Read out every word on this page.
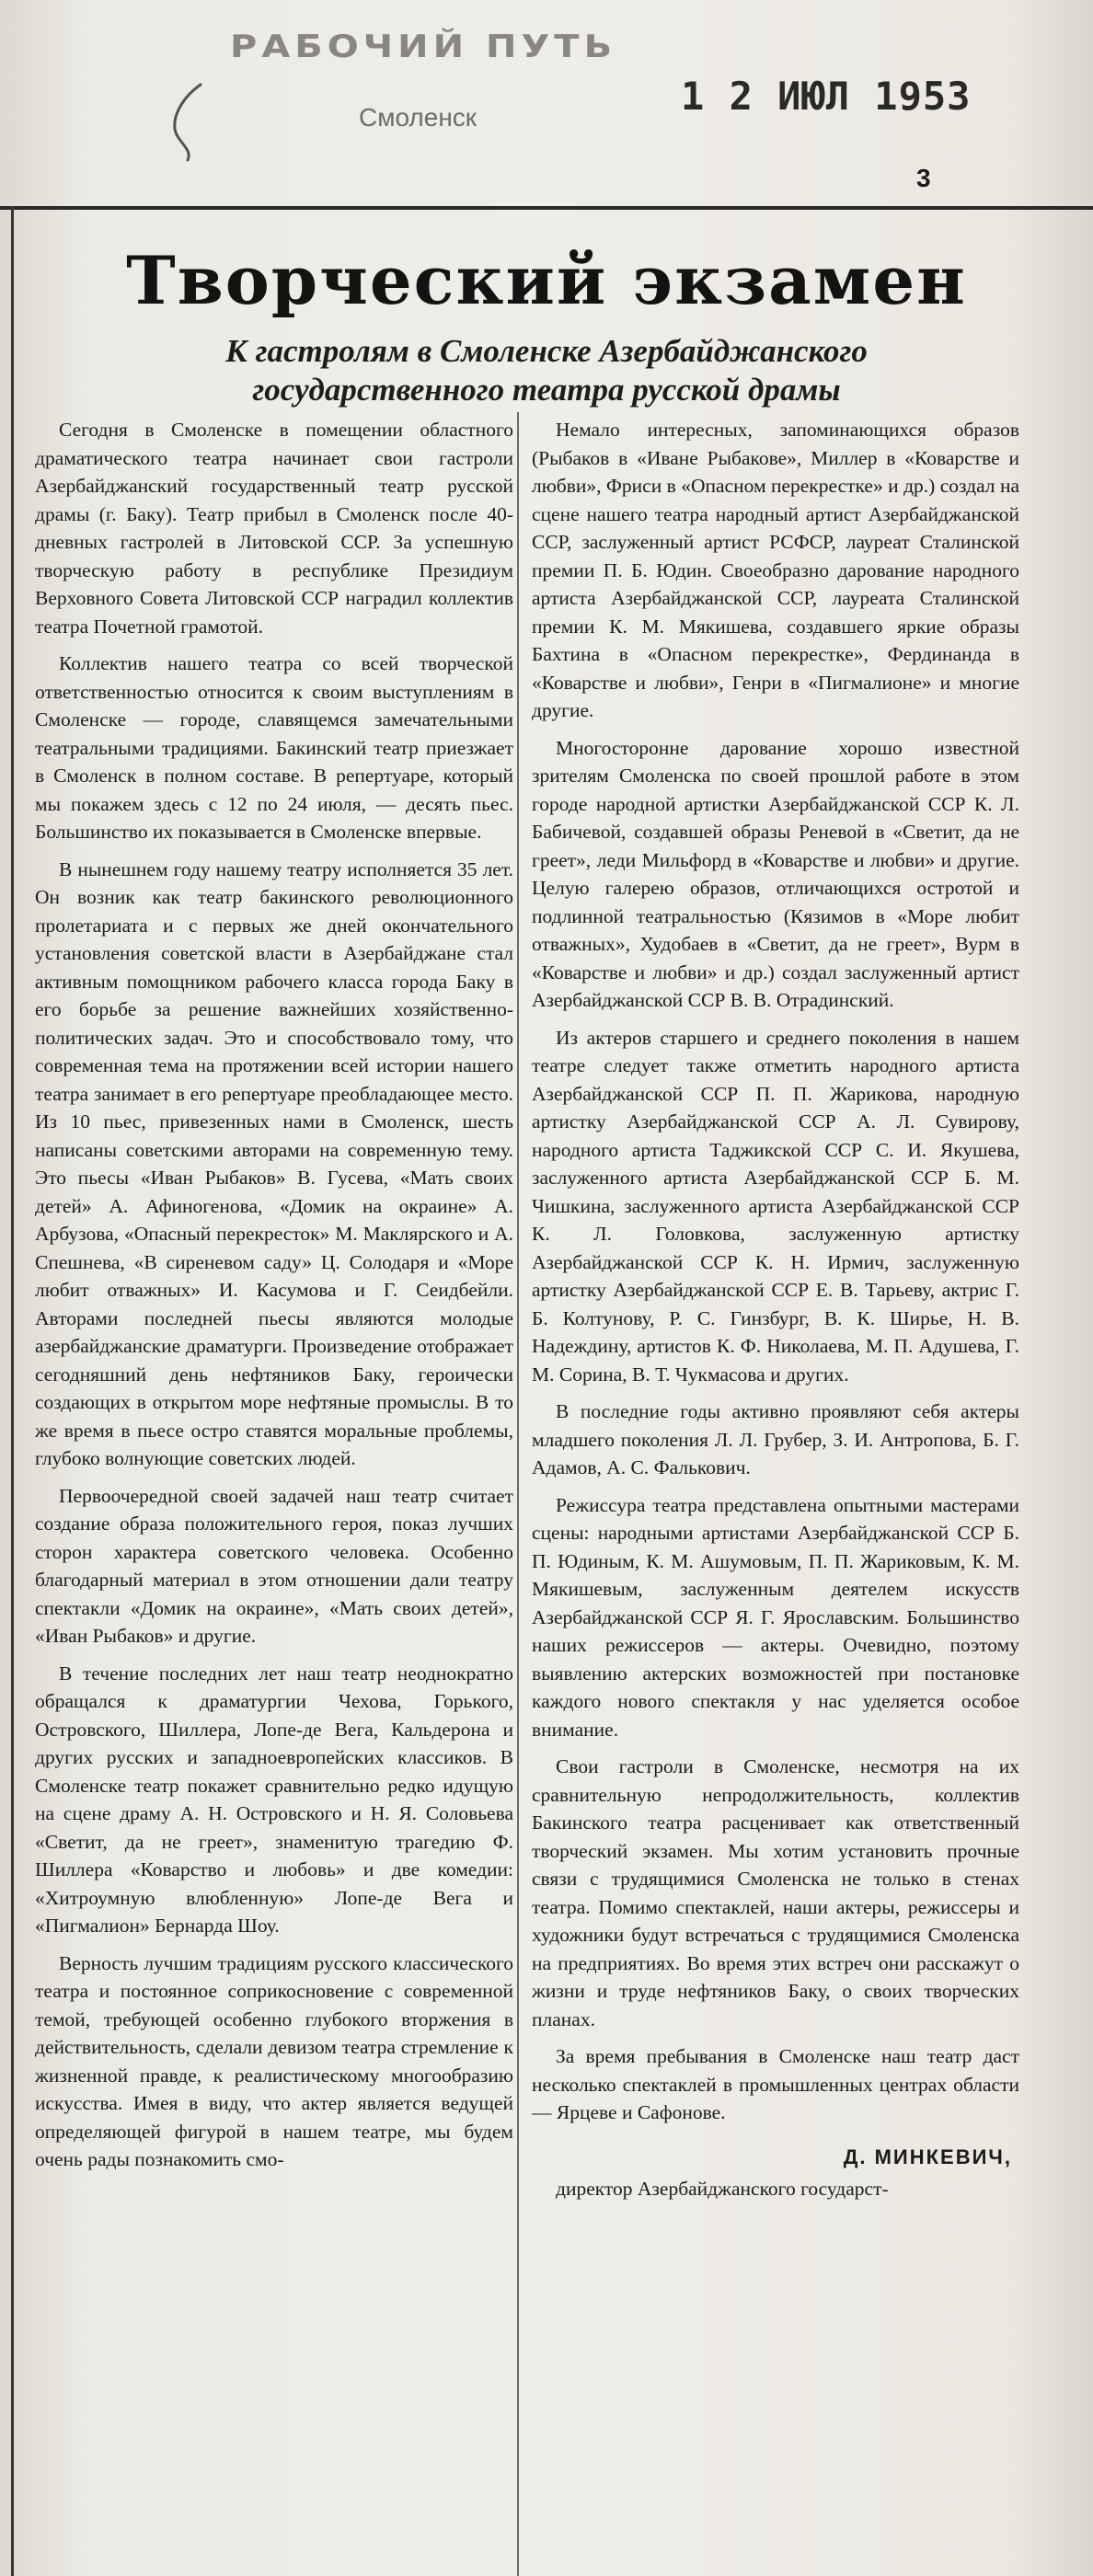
РАБОЧИЙ ПУТЬ
Смоленск	1 2 ИЮЛ 1953
3
Творческий экзамен
К гастролям в Смоленске Азербайджанского
государственного театра русской драмы

Сегодня в Смоленске в помещении областного драматического театра начинает свои гастроли Азербайджанский государственный театр русской драмы (г. Баку). Театр прибыл в Смоленск после 40-дневных гастролей в Литовской ССР. За успешную творческую работу в республике Президиум Верховного Совета Литовской ССР наградил коллектив театра Почетной грамотой.

Коллектив нашего театра со всей творческой ответственностью относится к своим выступлениям в Смоленске — городе, славящемся замечательными театральными традициями. Бакинский театр приезжает в Смоленск в полном составе. В репертуаре, который мы покажем здесь с 12 по 24 июля, — десять пьес. Большинство их показывается в Смоленске впервые.

В нынешнем году нашему театру исполняется 35 лет. Он возник как театр бакинского революционного пролетариата и с первых же дней окончательного установления советской власти в Азербайджане стал активным помощником рабочего класса города Баку в его борьбе за решение важнейших хозяйственно-политических задач. Это и способствовало тому, что современная тема на протяжении всей истории нашего театра занимает в его репертуаре преобладающее место. Из 10 пьес, привезенных нами в Смоленск, шесть написаны советскими авторами на современную тему. Это пьесы «Иван Рыбаков» В. Гусева, «Мать своих детей» А. Афиногенова, «Домик на окраине» А. Арбузова, «Опасный перекресток» М. Маклярского и А. Спешнева, «В сиреневом саду» Ц. Солодаря и «Море любит отважных» И. Касумова и Г. Сеидбейли. Авторами последней пьесы являются молодые азербайджанские драматурги. Произведение отображает сегодняшний день нефтяников Баку, героически создающих в открытом море нефтяные промыслы. В то же время в пьесе остро ставятся моральные проблемы, глубоко волнующие советских людей.

Первоочередной своей задачей наш театр считает создание образа положительного героя, показ лучших сторон характера советского человека. Особенно благодарный материал в этом отношении дали театру спектакли «Домик на окраине», «Мать своих детей», «Иван Рыбаков» и другие.

В течение последних лет наш театр неоднократно обращался к драматургии Чехова, Горького, Островского, Шиллера, Лопе-де Вега, Кальдерона и других русских и западноевропейских классиков. В Смоленске театр покажет сравнительно редко идущую на сцене драму А. Н. Островского и Н. Я. Соловьева «Светит, да не греет», знаменитую трагедию Ф. Шиллера «Коварство и любовь» и две комедии: «Хитроумную влюбленную» Лопе-де Вега и «Пигмалион» Бернарда Шоу.

Верность лучшим традициям русского классического театра и постоянное соприкосновение с современной темой, требующей особенно глубокого вторжения в действительность, сделали девизом театра стремление к жизненной правде, к реалистическому многообразию искусства. Имея в виду, что актер является ведущей определяющей фигурой в нашем театре, мы будем очень рады познакомить смо-

Немало интересных, запоминающихся образов (Рыбаков в «Иване Рыбакове», Миллер в «Коварстве и любви», Фриси в «Опасном перекрестке» и др.) создал на сцене нашего театра народный артист Азербайджанской ССР, заслуженный артист РСФСР, лауреат Сталинской премии П. Б. Юдин. Своеобразно дарование народного артиста Азербайджанской ССР, лауреата Сталинской премии К. М. Мякишева, создавшего яркие образы Бахтина в «Опасном перекрестке», Фердинанда в «Коварстве и любви», Генри в «Пигмалионе» и многие другие.

Многосторонне дарование хорошо известной зрителям Смоленска по своей прошлой работе в этом городе народной артистки Азербайджанской ССР К. Л. Бабичевой, создавшей образы Реневой в «Светит, да не греет», леди Мильфорд в «Коварстве и любви» и другие. Целую галерею образов, отличающихся остротой и подлинной театральностью (Кязимов в «Море любит отважных», Худобаев в «Светит, да не греет», Вурм в «Коварстве и любви» и др.) создал заслуженный артист Азербайджанской ССР В. В. Отрадинский.

Из актеров старшего и среднего поколения в нашем театре следует также отметить народного артиста Азербайджанской ССР П. П. Жарикова, народную артистку Азербайджанской ССР А. Л. Сувирову, народного артиста Таджикской ССР С. И. Якушева, заслуженного артиста Азербайджанской ССР Б. М. Чишкина, заслуженного артиста Азербайджанской ССР К. Л. Головкова, заслуженную артистку Азербайджанской ССР К. Н. Ирмич, заслуженную артистку Азербайджанской ССР Е. В. Тарьеву, актрис Г. Б. Колтунову, Р. С. Гинзбург, В. К. Ширье, Н. В. Надеждину, артистов К. Ф. Николаева, М. П. Адушева, Г. М. Сорина, В. Т. Чукмасова и других.

В последние годы активно проявляют себя актеры младшего поколения Л. Л. Грубер, З. И. Антропова, Б. Г. Адамов, А. С. Фалькович.

Режиссура театра представлена опытными мастерами сцены: народными артистами Азербайджанской ССР Б. П. Юдиным, К. М. Ашумовым, П. П. Жариковым, К. М. Мякишевым, заслуженным деятелем искусств Азербайджанской ССР Я. Г. Ярославским. Большинство наших режиссеров — актеры. Очевидно, поэтому выявлению актерских возможностей при постановке каждого нового спектакля у нас уделяется особое внимание.

Свои гастроли в Смоленске, несмотря на их сравнительную непродолжительность, коллектив Бакинского театра расценивает как ответственный творческий экзамен. Мы хотим установить прочные связи с трудящимися Смоленска не только в стенах театра. Помимо спектаклей, наши актеры, режиссеры и художники будут встречаться с трудящимися Смоленска на предприятиях. Во время этих встреч они расскажут о жизни и труде нефтяников Баку, о своих творческих планах.

За время пребывания в Смоленске наш театр даст несколько спектаклей в промышленных центрах области — Ярцеве и Сафонове.

Д. МИНКЕВИЧ,

директор Азербайджанского государст-
